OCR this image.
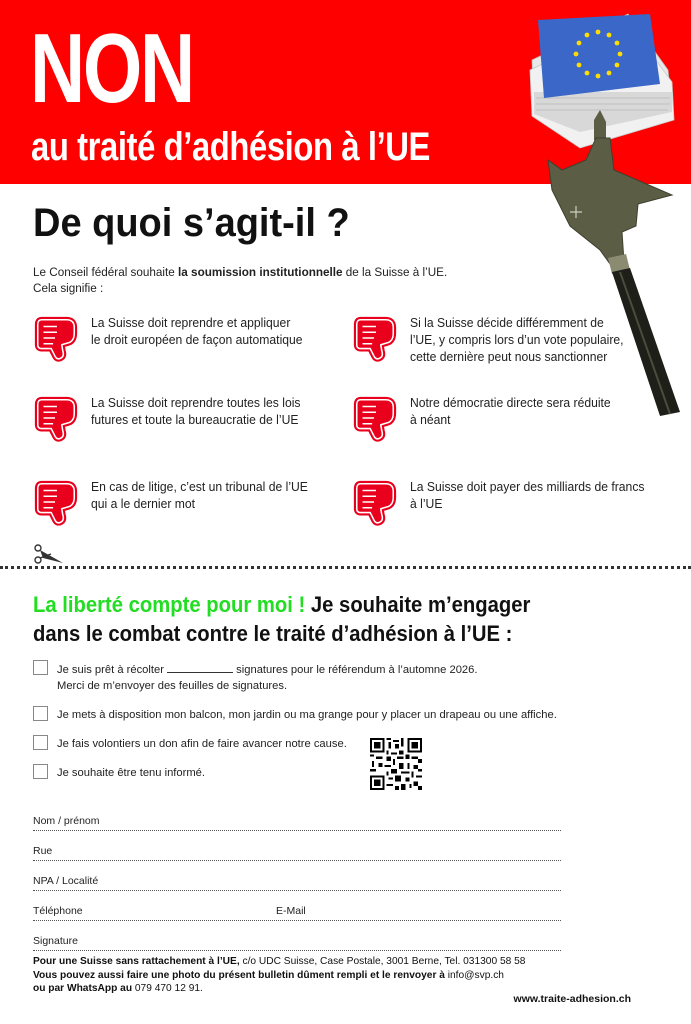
NON
au traité d’adhésion à l’UE
De quoi s’agit-il ?
Le Conseil fédéral souhaite la soumission institutionnelle de la Suisse à l’UE.
Cela signifie :
La Suisse doit reprendre et appliquer
le droit européen de façon automatique
Si la Suisse décide différemment de
l’UE, y compris lors d’un vote populaire,
cette dernière peut nous sanctionner
La Suisse doit reprendre toutes les lois
futures et toute la bureaucratie de l’UE
Notre démocratie directe sera réduite
à néant
En cas de litige, c’est un tribunal de l’UE
qui a le dernier mot
La Suisse doit payer des milliards de francs
à l’UE
La liberté compte pour moi ! Je souhaite m’engager
dans le combat contre le traité d’adhésion à l’UE :
Je suis prêt à récolter	signatures pour le référendum à l’automne 2026.
Merci de m’envoyer des feuilles de signatures.
Je mets à disposition mon balcon, mon jardin ou ma grange pour y placer un drapeau ou une affiche.
Je fais volontiers un don afin de faire avancer notre cause.
Je souhaite être tenu informé.
Nom / prénom
Rue
NPA / Localité
Téléphone	E-Mail
Signature
Pour une Suisse sans rattachement à l’UE, c/o UDC Suisse, Case Postale, 3001 Berne, Tel. 031300 58 58
Vous pouvez aussi faire une photo du présent bulletin dûment rempli et le renvoyer à info@svp.ch
ou par WhatsApp au 079 470 12 91.
www.traite-adhesion.ch
